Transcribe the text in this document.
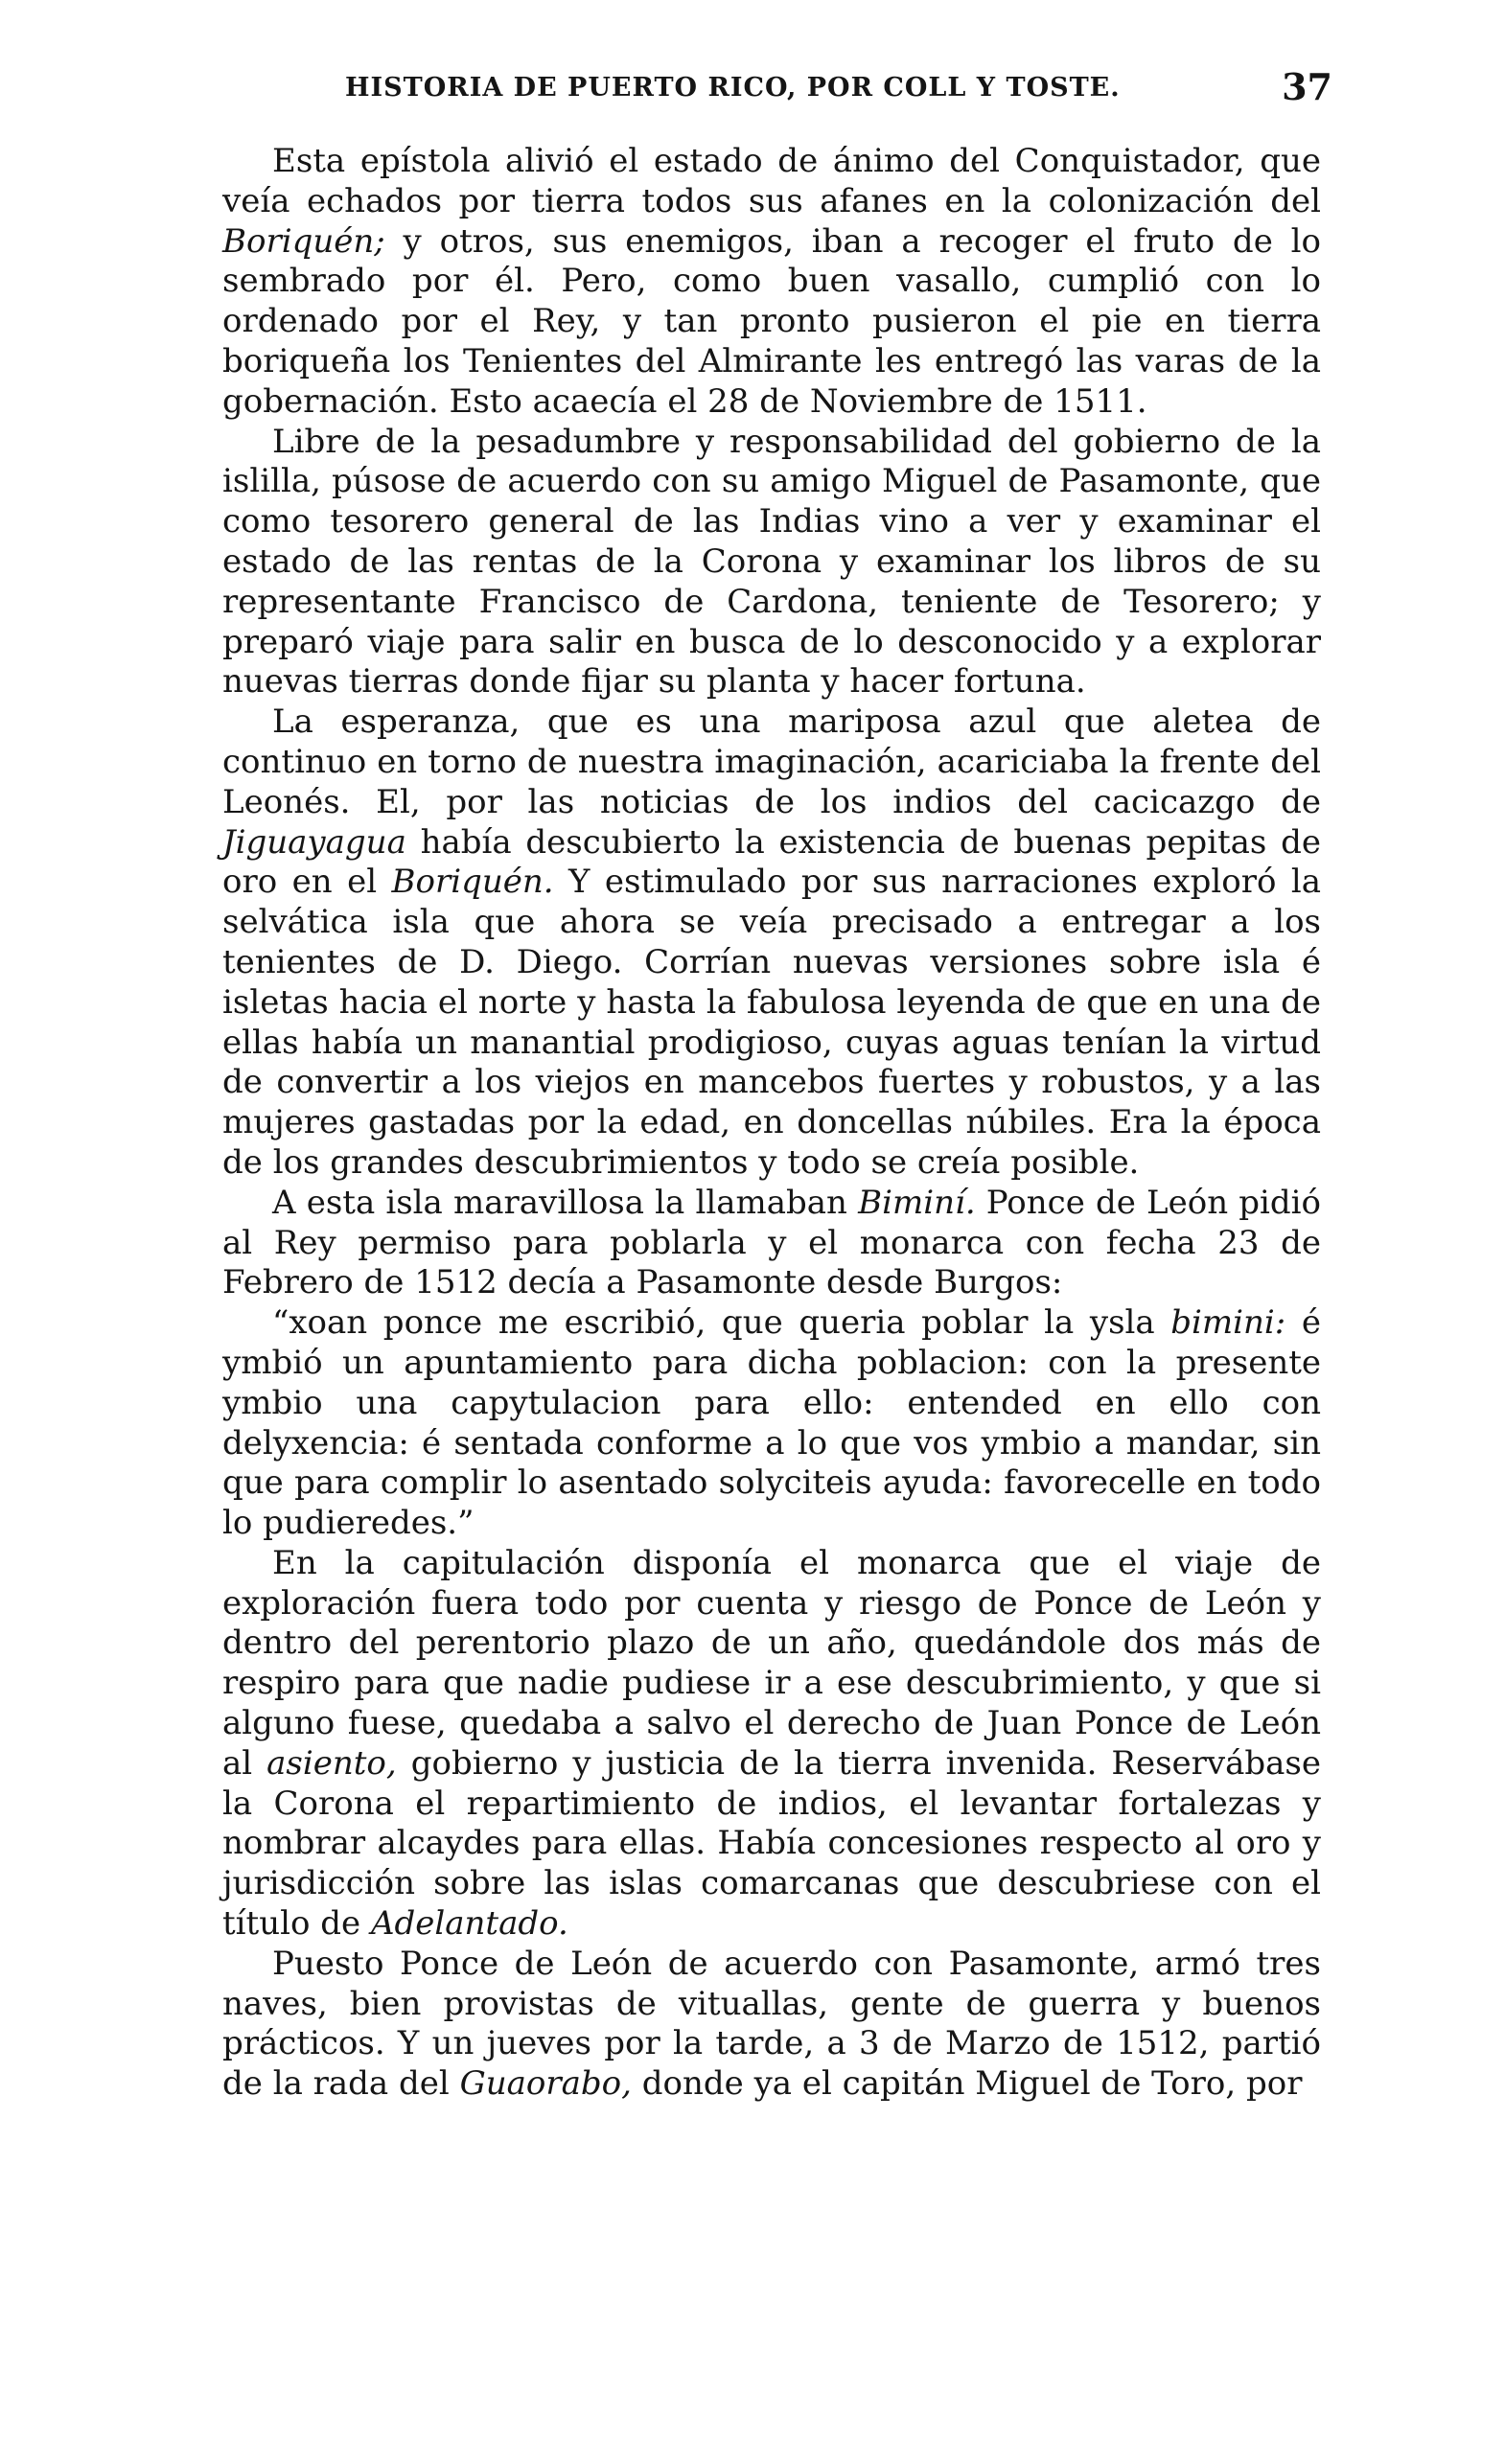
HISTORIA DE PUERTO RICO, POR COLL Y TOSTE.	37

Esta epístola alivió el estado de ánimo del Conquistador, que veía echados por tierra todos sus afanes en la colonización del Boriquén; y otros, sus enemigos, iban a recoger el fruto de lo sembrado por él. Pero, como buen vasallo, cumplió con lo ordenado por el Rey, y tan pronto pusieron el pie en tierra boriqueña los Tenientes del Almirante les entregó las varas de la gobernación. Esto acaecía el 28 de Noviembre de 1511.

Libre de la pesadumbre y responsabilidad del gobierno de la islilla, púsose de acuerdo con su amigo Miguel de Pasamonte, que como tesorero general de las Indias vino a ver y examinar el estado de las rentas de la Corona y examinar los libros de su representante Francisco de Cardona, teniente de Tesorero; y preparó viaje para salir en busca de lo desconocido y a explorar nuevas tierras donde fijar su planta y hacer fortuna.

La esperanza, que es una mariposa azul que aletea de continuo en torno de nuestra imaginación, acariciaba la frente del Leonés. El, por las noticias de los indios del cacicazgo de Jiguayagua había descubierto la existencia de buenas pepitas de oro en el Boriquén. Y estimulado por sus narraciones exploró la selvática isla que ahora se veía precisado a entregar a los tenientes de D. Diego. Corrían nuevas versiones sobre isla é isletas hacia el norte y hasta la fabulosa leyenda de que en una de ellas había un manantial prodigioso, cuyas aguas tenían la virtud de convertir a los viejos en mancebos fuertes y robustos, y a las mujeres gastadas por la edad, en doncellas núbiles. Era la época de los grandes descubrimientos y todo se creía posible.

A esta isla maravillosa la llamaban Biminí. Ponce de León pidió al Rey permiso para poblarla y el monarca con fecha 23 de Febrero de 1512 decía a Pasamonte desde Burgos:

“xoan ponce me escribió, que queria poblar la ysla bimini: é ymbió un apuntamiento para dicha poblacion: con la presente ymbio una capytulacion para ello: entended en ello con delyxencia: é sentada conforme a lo que vos ymbio a mandar, sin que para complir lo asentado solyciteis ayuda: favorecelle en todo lo pudieredes.”

En la capitulación disponía el monarca que el viaje de exploración fuera todo por cuenta y riesgo de Ponce de León y dentro del perentorio plazo de un año, quedándole dos más de respiro para que nadie pudiese ir a ese descubrimiento, y que si alguno fuese, quedaba a salvo el derecho de Juan Ponce de León al asiento, gobierno y justicia de la tierra invenida. Reservábase la Corona el repartimiento de indios, el levantar fortalezas y nombrar alcaydes para ellas. Había concesiones respecto al oro y jurisdicción sobre las islas comarcanas que descubriese con el título de Adelantado.

Puesto Ponce de León de acuerdo con Pasamonte, armó tres naves, bien provistas de vituallas, gente de guerra y buenos prácticos. Y un jueves por la tarde, a 3 de Marzo de 1512, partió de la rada del Guaorabo, donde ya el capitán Miguel de Toro, por
